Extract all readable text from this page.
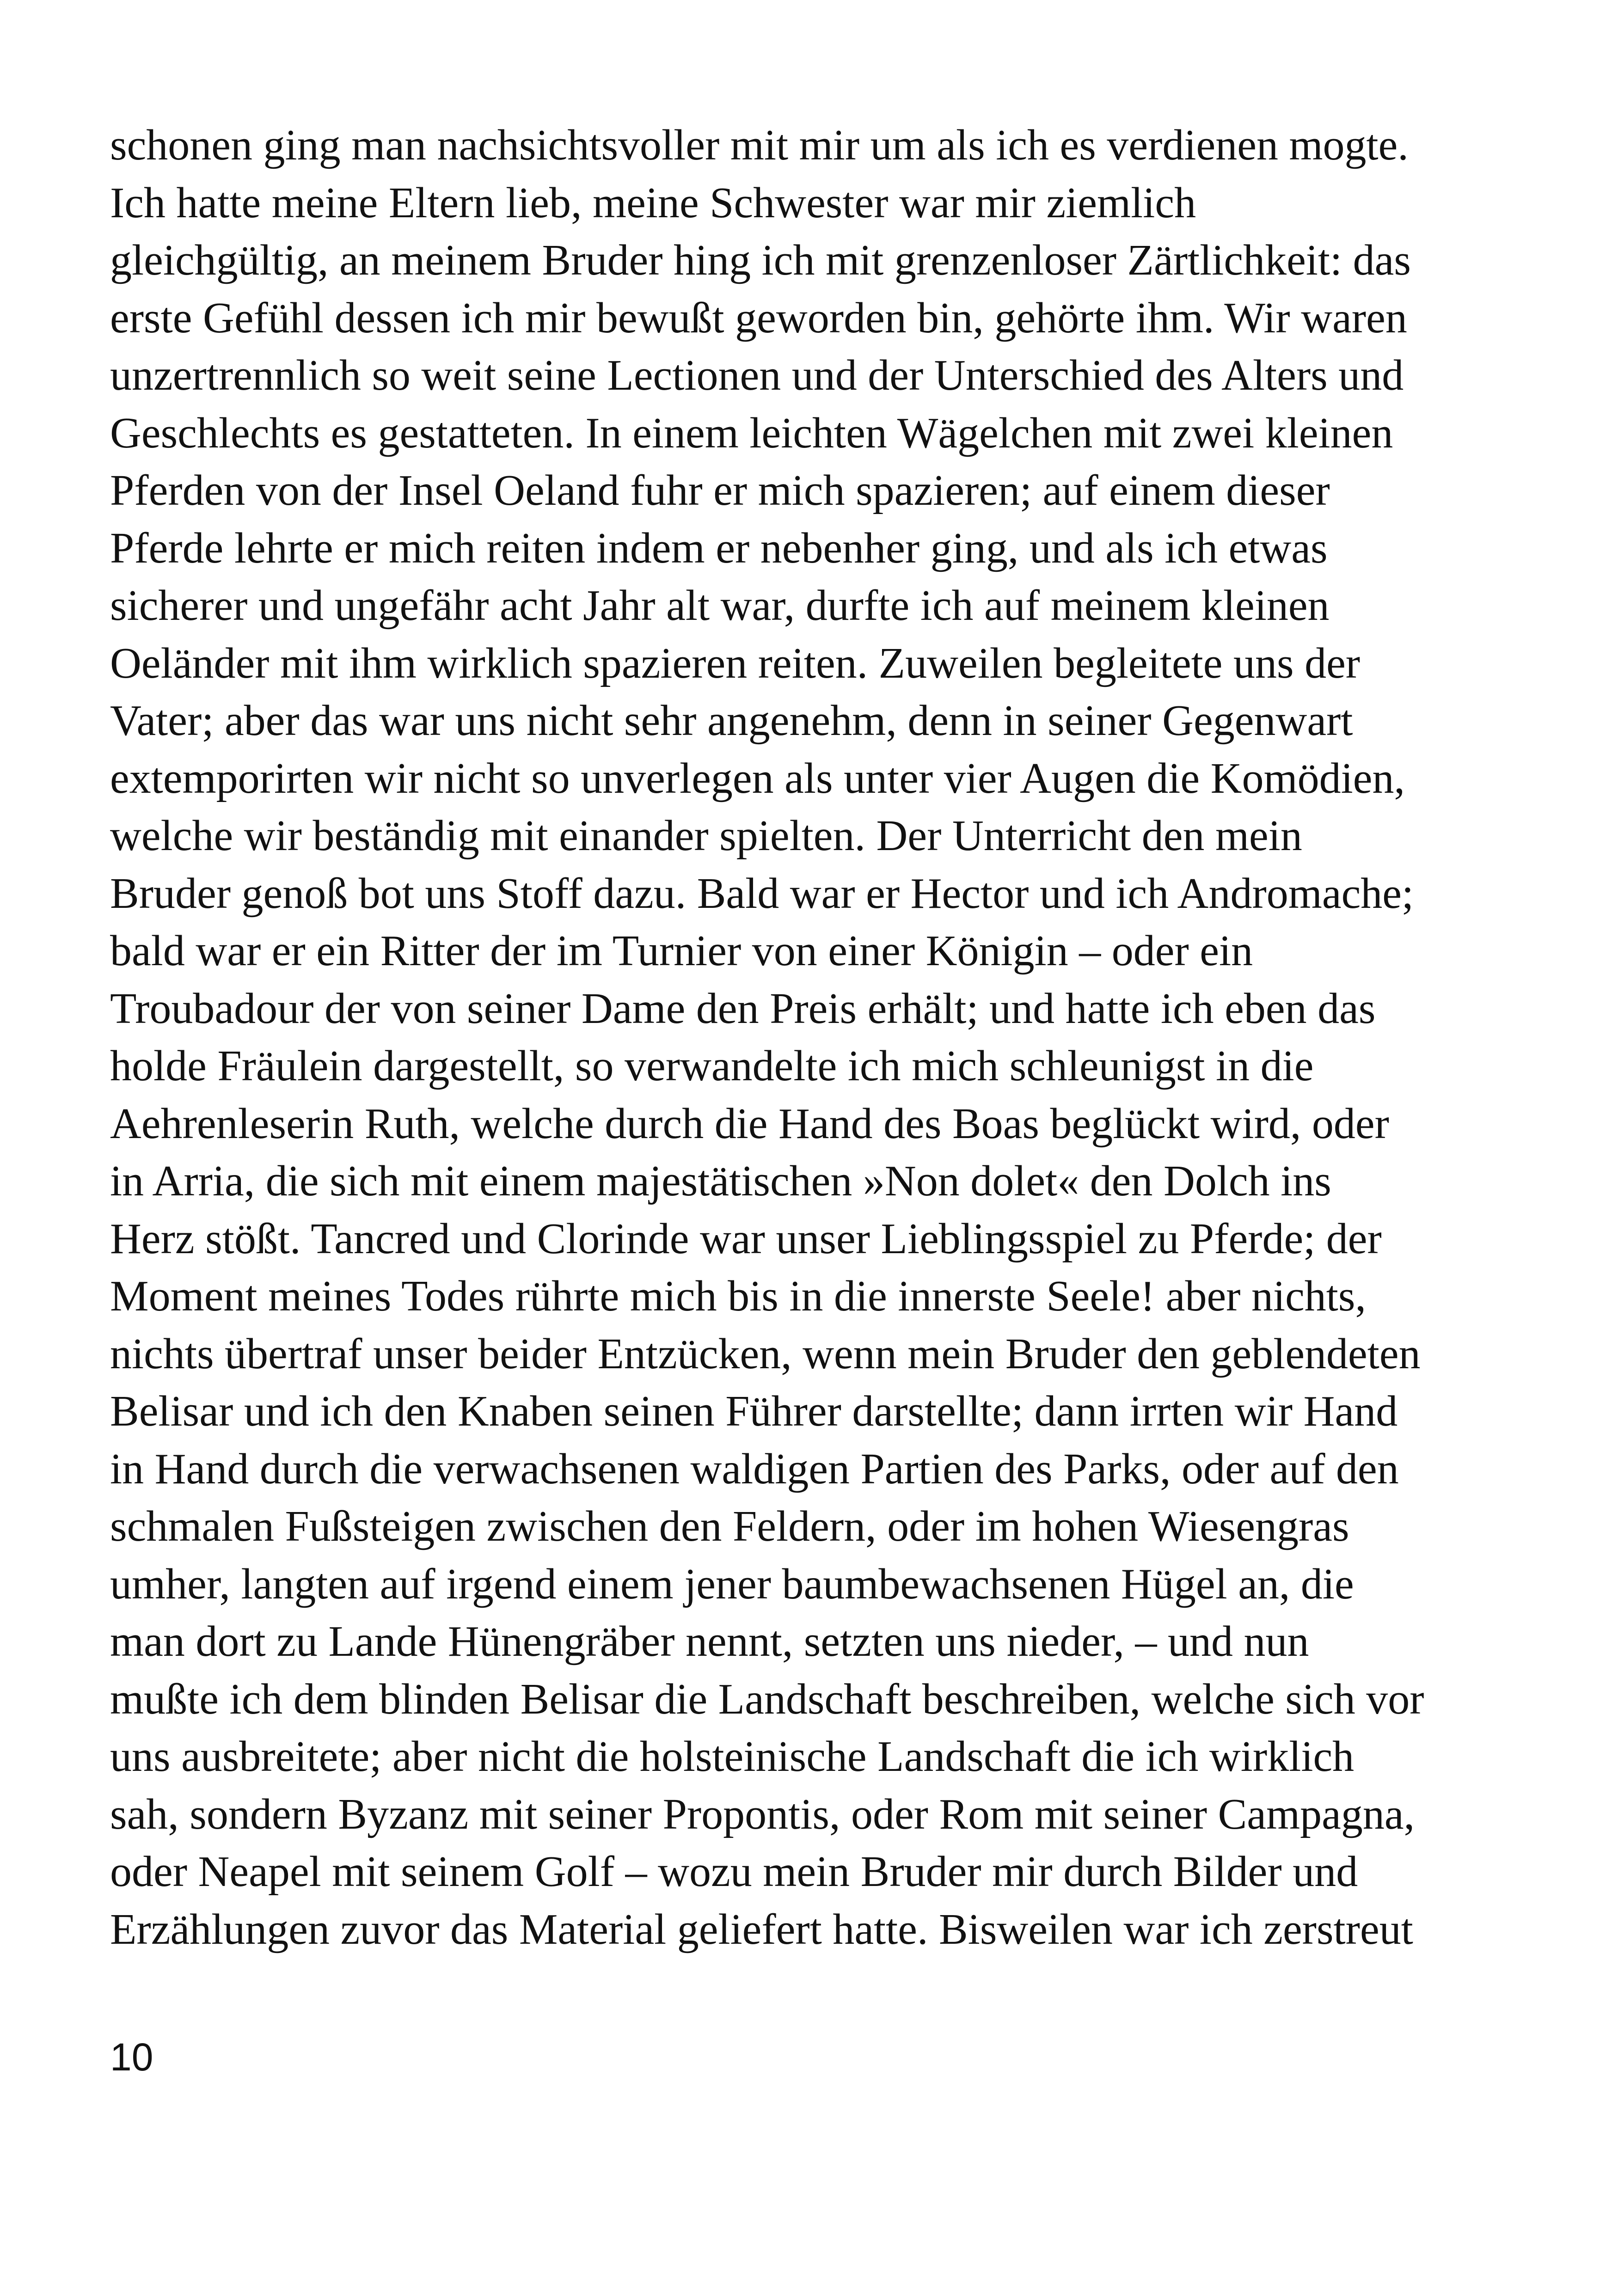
schonen ging man nachsichtsvoller mit mir um als ich es verdienen mogte.
Ich hatte meine Eltern lieb, meine Schwester war mir ziemlich
gleichgültig, an meinem Bruder hing ich mit grenzenloser Zärtlichkeit: das
erste Gefühl dessen ich mir bewußt geworden bin, gehörte ihm. Wir waren
unzertrennlich so weit seine Lectionen und der Unterschied des Alters und
Geschlechts es gestatteten. In einem leichten Wägelchen mit zwei kleinen
Pferden von der Insel Oeland fuhr er mich spazieren; auf einem dieser
Pferde lehrte er mich reiten indem er nebenher ging, und als ich etwas
sicherer und ungefähr acht Jahr alt war, durfte ich auf meinem kleinen
Oeländer mit ihm wirklich spazieren reiten. Zuweilen begleitete uns der
Vater; aber das war uns nicht sehr angenehm, denn in seiner Gegenwart
extemporirten wir nicht so unverlegen als unter vier Augen die Komödien,
welche wir beständig mit einander spielten. Der Unterricht den mein
Bruder genoß bot uns Stoff dazu. Bald war er Hector und ich Andromache;
bald war er ein Ritter der im Turnier von einer Königin – oder ein
Troubadour der von seiner Dame den Preis erhält; und hatte ich eben das
holde Fräulein dargestellt, so verwandelte ich mich schleunigst in die
Aehrenleserin Ruth, welche durch die Hand des Boas beglückt wird, oder
in Arria, die sich mit einem majestätischen »Non dolet« den Dolch ins
Herz stößt. Tancred und Clorinde war unser Lieblingsspiel zu Pferde; der
Moment meines Todes rührte mich bis in die innerste Seele! aber nichts,
nichts übertraf unser beider Entzücken, wenn mein Bruder den geblendeten
Belisar und ich den Knaben seinen Führer darstellte; dann irrten wir Hand
in Hand durch die verwachsenen waldigen Partien des Parks, oder auf den
schmalen Fußsteigen zwischen den Feldern, oder im hohen Wiesengras
umher, langten auf irgend einem jener baumbewachsenen Hügel an, die
man dort zu Lande Hünengräber nennt, setzten uns nieder, – und nun
mußte ich dem blinden Belisar die Landschaft beschreiben, welche sich vor
uns ausbreitete; aber nicht die holsteinische Landschaft die ich wirklich
sah, sondern Byzanz mit seiner Propontis, oder Rom mit seiner Campagna,
oder Neapel mit seinem Golf – wozu mein Bruder mir durch Bilder und
Erzählungen zuvor das Material geliefert hatte. Bisweilen war ich zerstreut
10
